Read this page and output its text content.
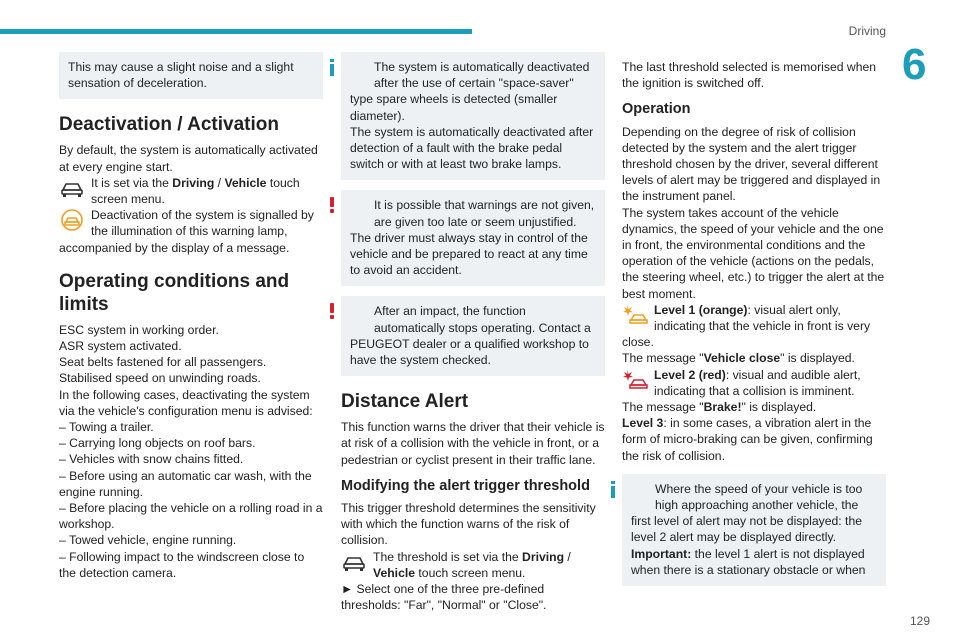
Driving
6
129

This may cause a slight noise and a slight sensation of deceleration.

Deactivation / Activation

By default, the system is automatically activated at every engine start.

It is set via the Driving / Vehicle touch screen menu.
Deactivation of the system is signalled by the illumination of this warning lamp,

accompanied by the display of a message.

Operating conditions and limits

ESC system in working order.

ASR system activated.

Seat belts fastened for all passengers.

Stabilised speed on unwinding roads.

In the following cases, deactivating the system via the vehicle's configuration menu is advised:

– Towing a trailer.

– Carrying long objects on roof bars.

– Vehicles with snow chains fitted.

– Before using an automatic car wash, with the engine running.

– Before placing the vehicle on a rolling road in a workshop.

– Towed vehicle, engine running.

– Following impact to the windscreen close to the detection camera.

The system is automatically deactivated after the use of certain "space-saver"

type spare wheels is detected (smaller diameter).

The system is automatically deactivated after detection of a fault with the brake pedal switch or with at least two brake lamps.

It is possible that warnings are not given, are given too late or seem unjustified.

The driver must always stay in control of the vehicle and be prepared to react at any time to avoid an accident.

After an impact, the function automatically stops operating. Contact a

PEUGEOT dealer or a qualified workshop to have the system checked.

Distance Alert

This function warns the driver that their vehicle is at risk of a collision with the vehicle in front, or a pedestrian or cyclist present in their traffic lane.

Modifying the alert trigger threshold

This trigger threshold determines the sensitivity with which the function warns of the risk of collision.

The threshold is set via the Driving / Vehicle touch screen menu.

► Select one of the three pre-defined thresholds: "Far", "Normal" or "Close".

The last threshold selected is memorised when the ignition is switched off.

Operation

Depending on the degree of risk of collision detected by the system and the alert trigger threshold chosen by the driver, several different levels of alert may be triggered and displayed in the instrument panel.

The system takes account of the vehicle dynamics, the speed of your vehicle and the one in front, the environmental conditions and the operation of the vehicle (actions on the pedals, the steering wheel, etc.) to trigger the alert at the best moment.

Level 1 (orange): visual alert only, indicating that the vehicle in front is very

close.

The message "Vehicle close" is displayed.

Level 2 (red): visual and audible alert, indicating that a collision is imminent.

The message "Brake!" is displayed.

Level 3: in some cases, a vibration alert in the form of micro-braking can be given, confirming the risk of collision.

Where the speed of your vehicle is too high approaching another vehicle, the

first level of alert may not be displayed: the level 2 alert may be displayed directly.

Important: the level 1 alert is not displayed when there is a stationary obstacle or when
